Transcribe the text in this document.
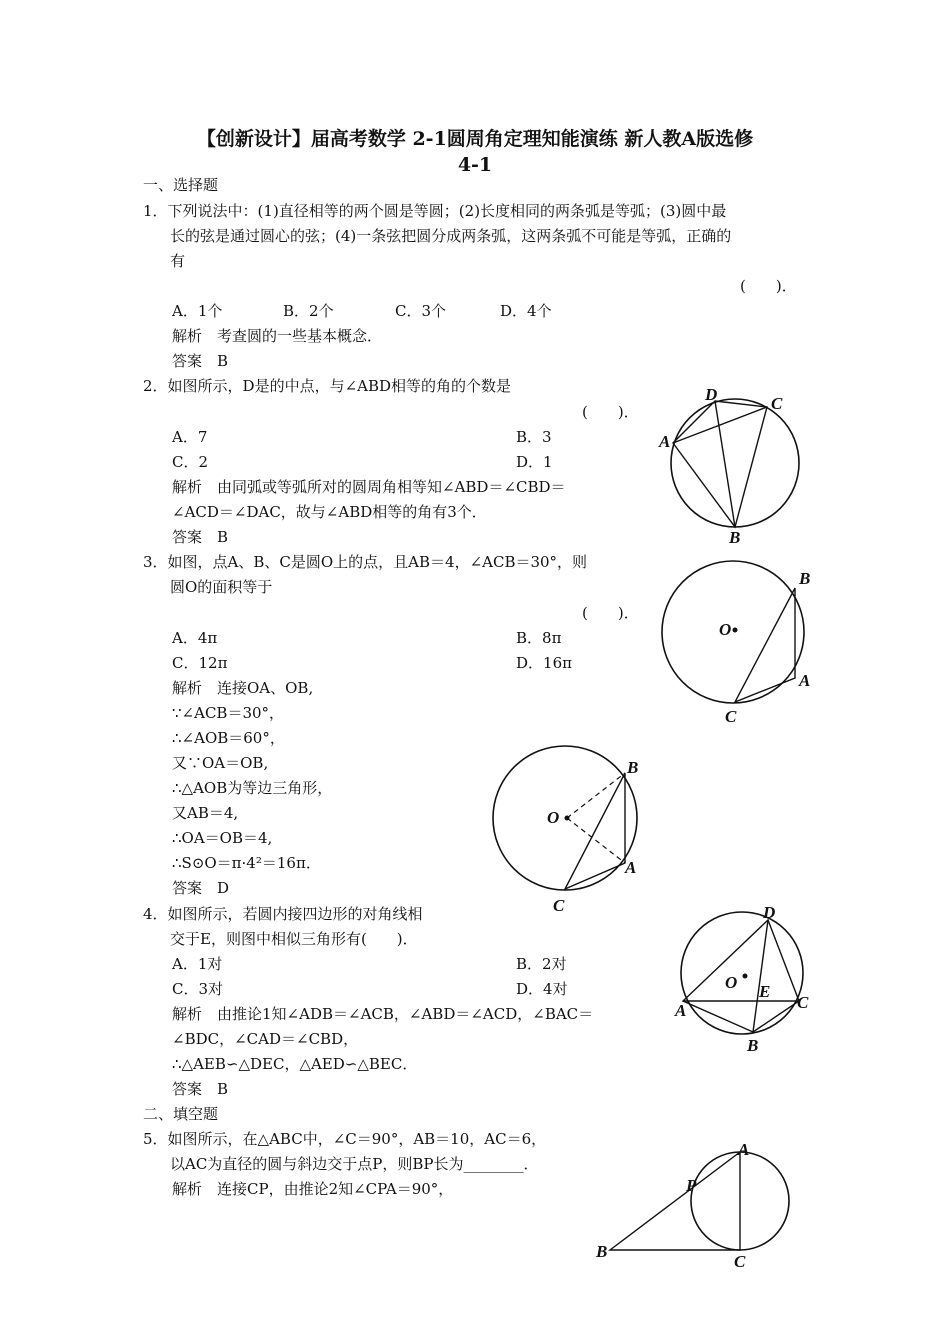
【创新设计】届高考数学 2-1圆周角定理知能演练 新人教A版选修
4-1
一、选择题
1．下列说法中：(1)直径相等的两个圆是等圆；(2)长度相同的两条弧是等弧；(3)圆中最
长的弦是通过圆心的弦；(4)一条弦把圆分成两条弧，这两条弧不可能是等弧，正确的
有
(　　)．
A．1个	B．2个	C．3个	D．4个
解析　考查圆的一些基本概念．
答案　B
2．如图所示，D是的中点，与∠ABD相等的角的个数是
(　　)．
A．7	B．3
C．2	D．1
解析　由同弧或等弧所对的圆周角相等知∠ABD＝∠CBD＝
∠ACD＝∠DAC，故与∠ABD相等的角有3个．
答案　B
D	C
A
B
3．如图，点A、B、C是圆O上的点，且AB＝4，∠ACB＝30°，则
圆O的面积等于
(　　)．
A．4π	B．8π
C．12π	D．16π
解析　连接OA、OB,
∵∠ACB＝30°，
∴∠AOB＝60°，
又∵OA＝OB,
∴△AOB为等边三角形，
又AB＝4,
∴OA＝OB＝4,
∴S⊙O＝π·4²＝16π．
答案　D
B
O
A
C
B
O
A
C
4．如图所示，若圆内接四边形的对角线相
交于E，则图中相似三角形有(　　)．
A．1对	B．2对
C．3对	D．4对
解析　由推论1知∠ADB＝∠ACB，∠ABD＝∠ACD，∠BAC＝
∠BDC，∠CAD＝∠CBD，
∴△AEB∽△DEC，△AED∽△BEC．
答案　B
D
O E
A	C
B
二、填空题
5．如图所示，在△ABC中，∠C＝90°，AB＝10，AC＝6，
以AC为直径的圆与斜边交于点P，则BP长为________．
解析　连接CP，由推论2知∠CPA＝90°，
A
P
B
C
